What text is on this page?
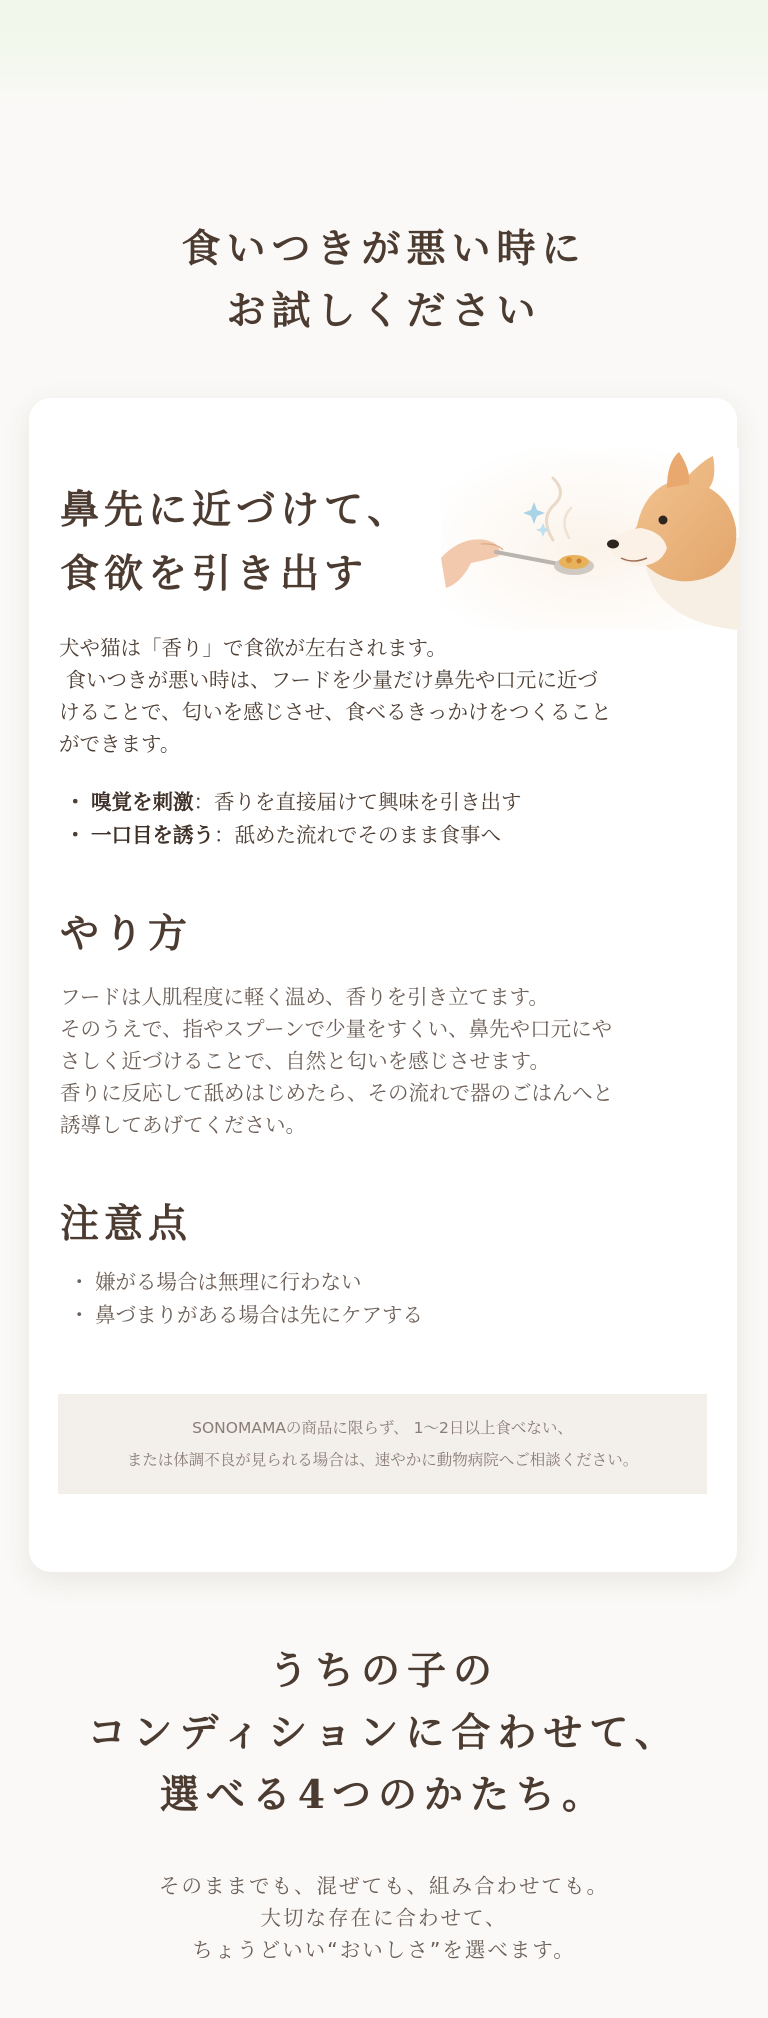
食いつきが悪い時に
お試しください
鼻先に近づけて、
食欲を引き出す

犬や猫は「香り」で食欲が左右されます。
食いつきが悪い時は、フードを少量だけ鼻先や口元に近づ
けることで、匂いを感じさせ、食べるきっかけをつくること
ができます。

・ 嗅覚を刺激 ：香りを直接届けて興味を引き出す
・ 一口目を誘う ：舐めた流れでそのまま食事へ
やり方

フードは人肌程度に軽く温め、香りを引き立てます。
そのうえで、指やスプーンで少量をすくい、鼻先や口元にや
さしく近づけることで、自然と匂いを感じさせます。
香りに反応して舐めはじめたら、その流れで器のごはんへと
誘導してあげてください。

注意点
・ 嫌がる場合は無理に行わない
・ 鼻づまりがある場合は先にケアする
SONOMAMAの商品に限らず、 1〜2日以上食べない、
または体調不良が見られる場合は、速やかに動物病院へご相談ください。
うちの子の
コンディションに合わせて、
選べる4つのかたち。

そのままでも、混ぜても、組み合わせても。
大切な存在に合わせて、
ちょうどいい“おいしさ”を選べます。
